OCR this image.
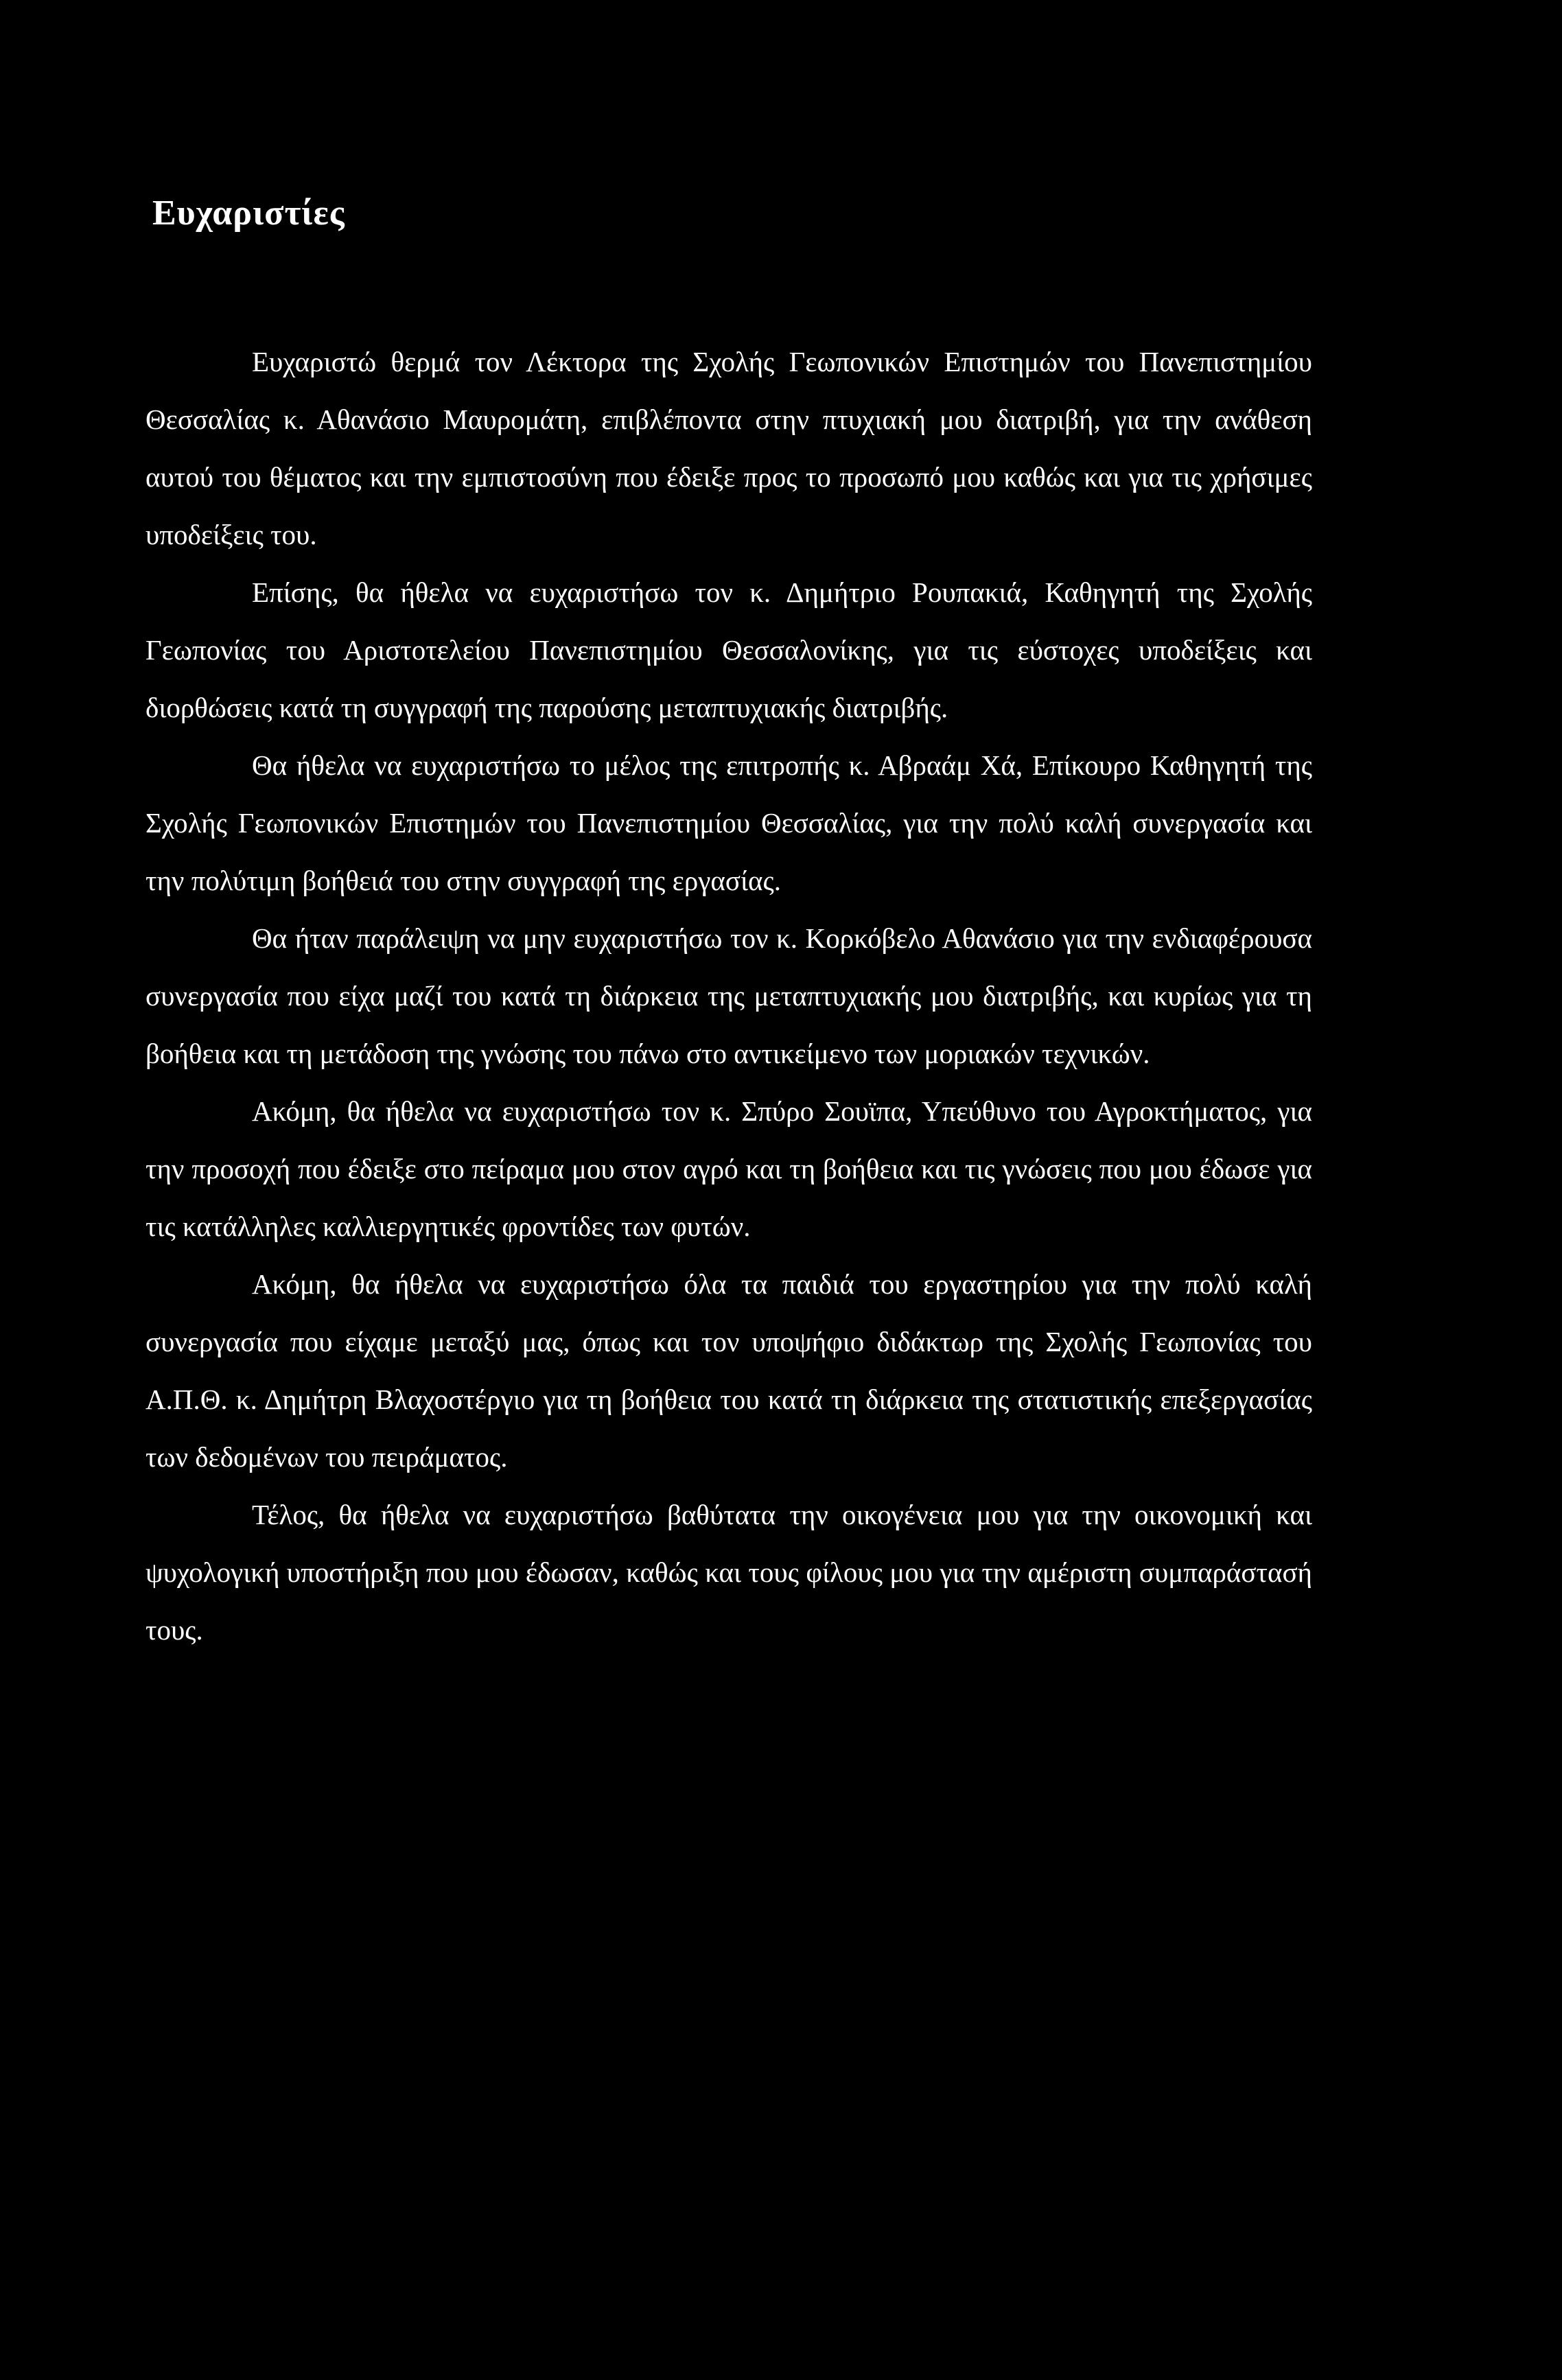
Ευχαριστίες

Ευχαριστώ θερμά τον Λέκτορα της Σχολής Γεωπονικών Επιστημών του Πανεπιστημίου Θεσσαλίας κ. Αθανάσιο Μαυρομάτη, επιβλέποντα στην πτυχιακή μου διατριβή, για την ανάθεση αυτού του θέματος και την εμπιστοσύνη που έδειξε προς το προσωπό μου καθώς και για τις χρήσιμες υποδείξεις του.

Επίσης, θα ήθελα να ευχαριστήσω τον κ. Δημήτριο Ρουπακιά, Καθηγητή της Σχολής Γεωπονίας του Αριστοτελείου Πανεπιστημίου Θεσσαλονίκης, για τις εύστοχες υποδείξεις και διορθώσεις κατά τη συγγραφή της παρούσης μεταπτυχιακής διατριβής.

Θα ήθελα να ευχαριστήσω το μέλος της επιτροπής κ. Αβραάμ Χά, Επίκουρο Καθηγητή της Σχολής Γεωπονικών Επιστημών του Πανεπιστημίου Θεσσαλίας, για την πολύ καλή συνεργασία και την πολύτιμη βοήθειά του στην συγγραφή της εργασίας.

Θα ήταν παράλειψη να μην ευχαριστήσω τον κ. Κορκόβελο Αθανάσιο για την ενδιαφέρουσα συνεργασία που είχα μαζί του κατά τη διάρκεια της μεταπτυχιακής μου διατριβής, και κυρίως για τη βοήθεια και τη μετάδοση της γνώσης του πάνω στο αντικείμενο των μοριακών τεχνικών.

Ακόμη, θα ήθελα να ευχαριστήσω τον κ. Σπύρο Σουϊπα, Υπεύθυνο του Αγροκτήματος, για την προσοχή που έδειξε στο πείραμα μου στον αγρό και τη βοήθεια και τις γνώσεις που μου έδωσε για τις κατάλληλες καλλιεργητικές φροντίδες των φυτών.

Ακόμη, θα ήθελα να ευχαριστήσω όλα τα παιδιά του εργαστηρίου για την πολύ καλή συνεργασία που είχαμε μεταξύ μας, όπως και τον υποψήφιο διδάκτωρ της Σχολής Γεωπονίας του Α.Π.Θ. κ. Δημήτρη Βλαχοστέργιο για τη βοήθεια του κατά τη διάρκεια της στατιστικής επεξεργασίας των δεδομένων του πειράματος.

Τέλος, θα ήθελα να ευχαριστήσω βαθύτατα την οικογένεια μου για την οικονομική και ψυχολογική υποστήριξη που μου έδωσαν, καθώς και τους φίλους μου για την αμέριστη συμπαράστασή τους.
